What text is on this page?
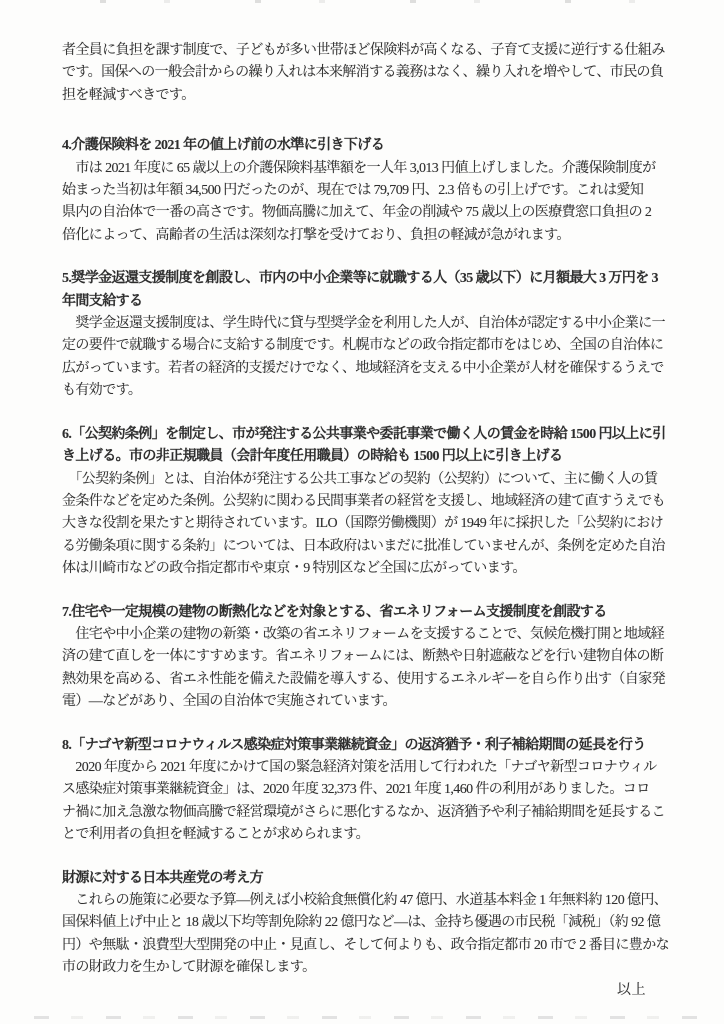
者全員に負担を課す制度で、子どもが多い世帯ほど保険料が高くなる、子育て支援に逆行する仕組み
です。国保への一般会計からの繰り入れは本来解消する義務はなく、繰り入れを増やして、市民の負
担を軽減すべきです。
4.介護保険料を 2021 年の値上げ前の水準に引き下げる
　市は 2021 年度に 65 歳以上の介護保険料基準額を一人年 3,013 円値上げしました。介護保険制度が
始まった当初は年額 34,500 円だったのが、現在では 79,709 円、2.3 倍もの引上げです。これは愛知
県内の自治体で一番の高さです。物価高騰に加えて、年金の削減や 75 歳以上の医療費窓口負担の 2
倍化によって、高齢者の生活は深刻な打撃を受けており、負担の軽減が急がれます。
5.奨学金返還支援制度を創設し、市内の中小企業等に就職する人（35 歳以下）に月額最大 3 万円を 3
年間支給する
　奨学金返還支援制度は、学生時代に貸与型奨学金を利用した人が、自治体が認定する中小企業に一
定の要件で就職する場合に支給する制度です。札幌市などの政令指定都市をはじめ、全国の自治体に
広がっています。若者の経済的支援だけでなく、地域経済を支える中小企業が人材を確保するうえで
も有効です。
6.「公契約条例」を制定し、市が発注する公共事業や委託事業で働く人の賃金を時給 1500 円以上に引
き上げる。市の非正規職員（会計年度任用職員）の時給も 1500 円以上に引き上げる
　「公契約条例」とは、自治体が発注する公共工事などの契約（公契約）について、主に働く人の賃
金条件などを定めた条例。公契約に関わる民間事業者の経営を支援し、地域経済の建て直すうえでも
大きな役割を果たすと期待されています。ILO（国際労働機関）が 1949 年に採択した「公契約におけ
る労働条項に関する条約」については、日本政府はいまだに批准していませんが、条例を定めた自治
体は川崎市などの政令指定都市や東京・9 特別区など全国に広がっています。
7.住宅や一定規模の建物の断熱化などを対象とする、省エネリフォーム支援制度を創設する
　住宅や中小企業の建物の新築・改築の省エネリフォームを支援することで、気候危機打開と地域経
済の建て直しを一体にすすめます。省エネリフォームには、断熱や日射遮蔽などを行い建物自体の断
熱効果を高める、省エネ性能を備えた設備を導入する、使用するエネルギーを自ら作り出す（自家発
電）―などがあり、全国の自治体で実施されています。
8.「ナゴヤ新型コロナウィルス感染症対策事業継続資金」の返済猶予・利子補給期間の延長を行う
　2020 年度から 2021 年度にかけて国の緊急経済対策を活用して行われた「ナゴヤ新型コロナウィル
ス感染症対策事業継続資金」は、2020 年度 32,373 件、2021 年度 1,460 件の利用がありました。コロ
ナ禍に加え急激な物価高騰で経営環境がさらに悪化するなか、返済猶予や利子補給期間を延長するこ
とで利用者の負担を軽減することが求められます。
財源に対する日本共産党の考え方
　これらの施策に必要な予算―例えば小校給食無償化約 47 億円、水道基本料金 1 年無料約 120 億円、
国保料値上げ中止と 18 歳以下均等割免除約 22 億円など―は、金持ち優遇の市民税「減税」（約 92 億
円）や無駄・浪費型大型開発の中止・見直し、そして何よりも、政令指定都市 20 市で 2 番目に豊かな
市の財政力を生かして財源を確保します。
以上
